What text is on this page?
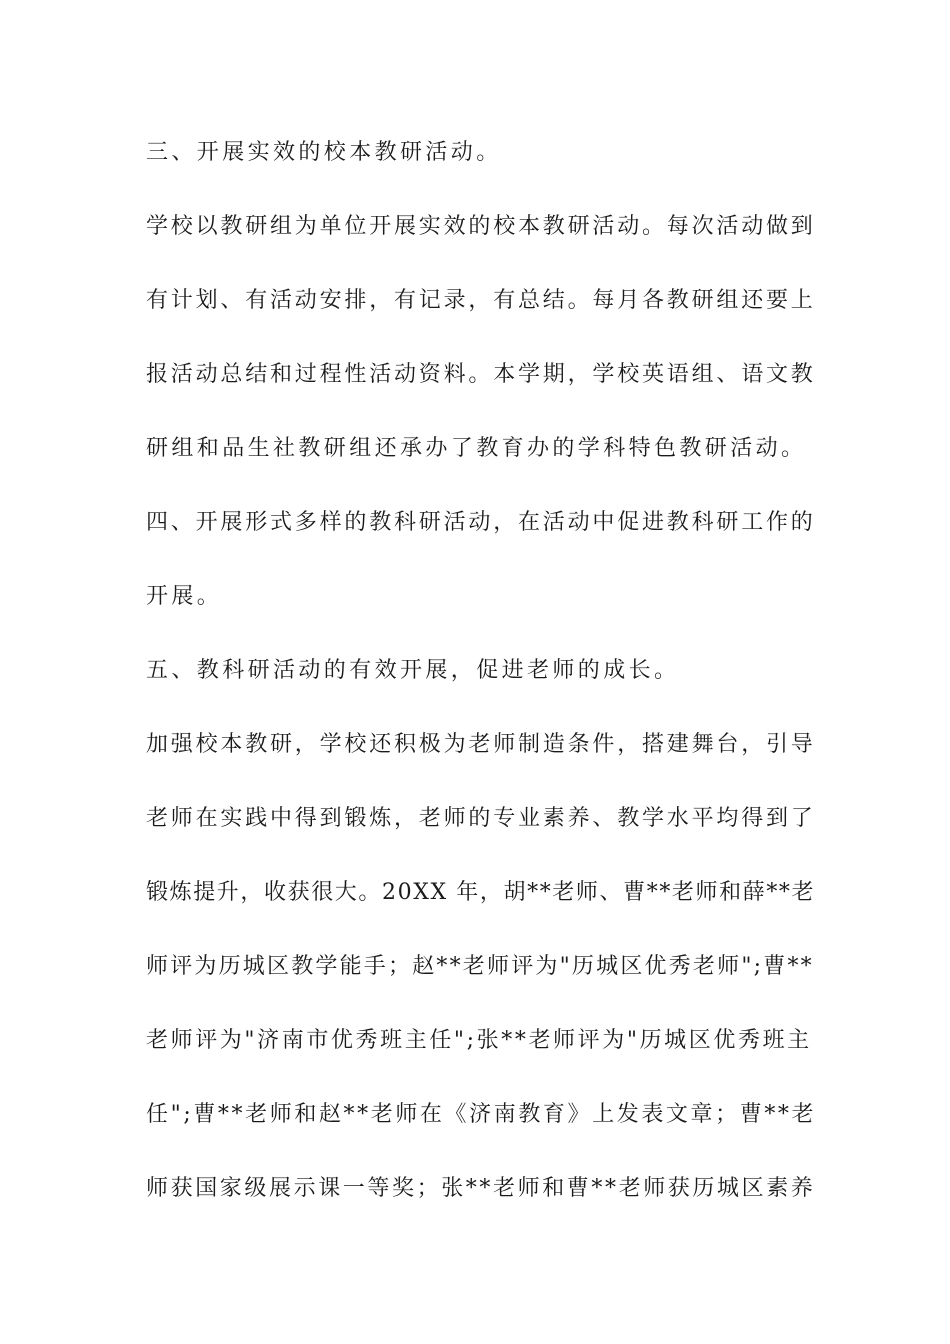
三、开展实效的校本教研活动。
学校以教研组为单位开展实效的校本教研活动。每次活动做到
有计划、有活动安排，有记录，有总结。每月各教研组还要上
报活动总结和过程性活动资料。本学期，学校英语组、语文教
研组和品生社教研组还承办了教育办的学科特色教研活动。
四、开展形式多样的教科研活动，在活动中促进教科研工作的
开展。
五、教科研活动的有效开展，促进老师的成长。
加强校本教研，学校还积极为老师制造条件，搭建舞台，引导
老师在实践中得到锻炼，老师的专业素养、教学水平均得到了
锻炼提升，收获很大。20XX 年，胡**老师、曹**老师和薛**老
师评为历城区教学能手；赵**老师评为"历城区优秀老师";曹**
老师评为"济南市优秀班主任";张**老师评为"历城区优秀班主
任";曹**老师和赵**老师在《济南教育》上发表文章；曹**老
师获国家级展示课一等奖；张**老师和曹**老师获历城区素养
